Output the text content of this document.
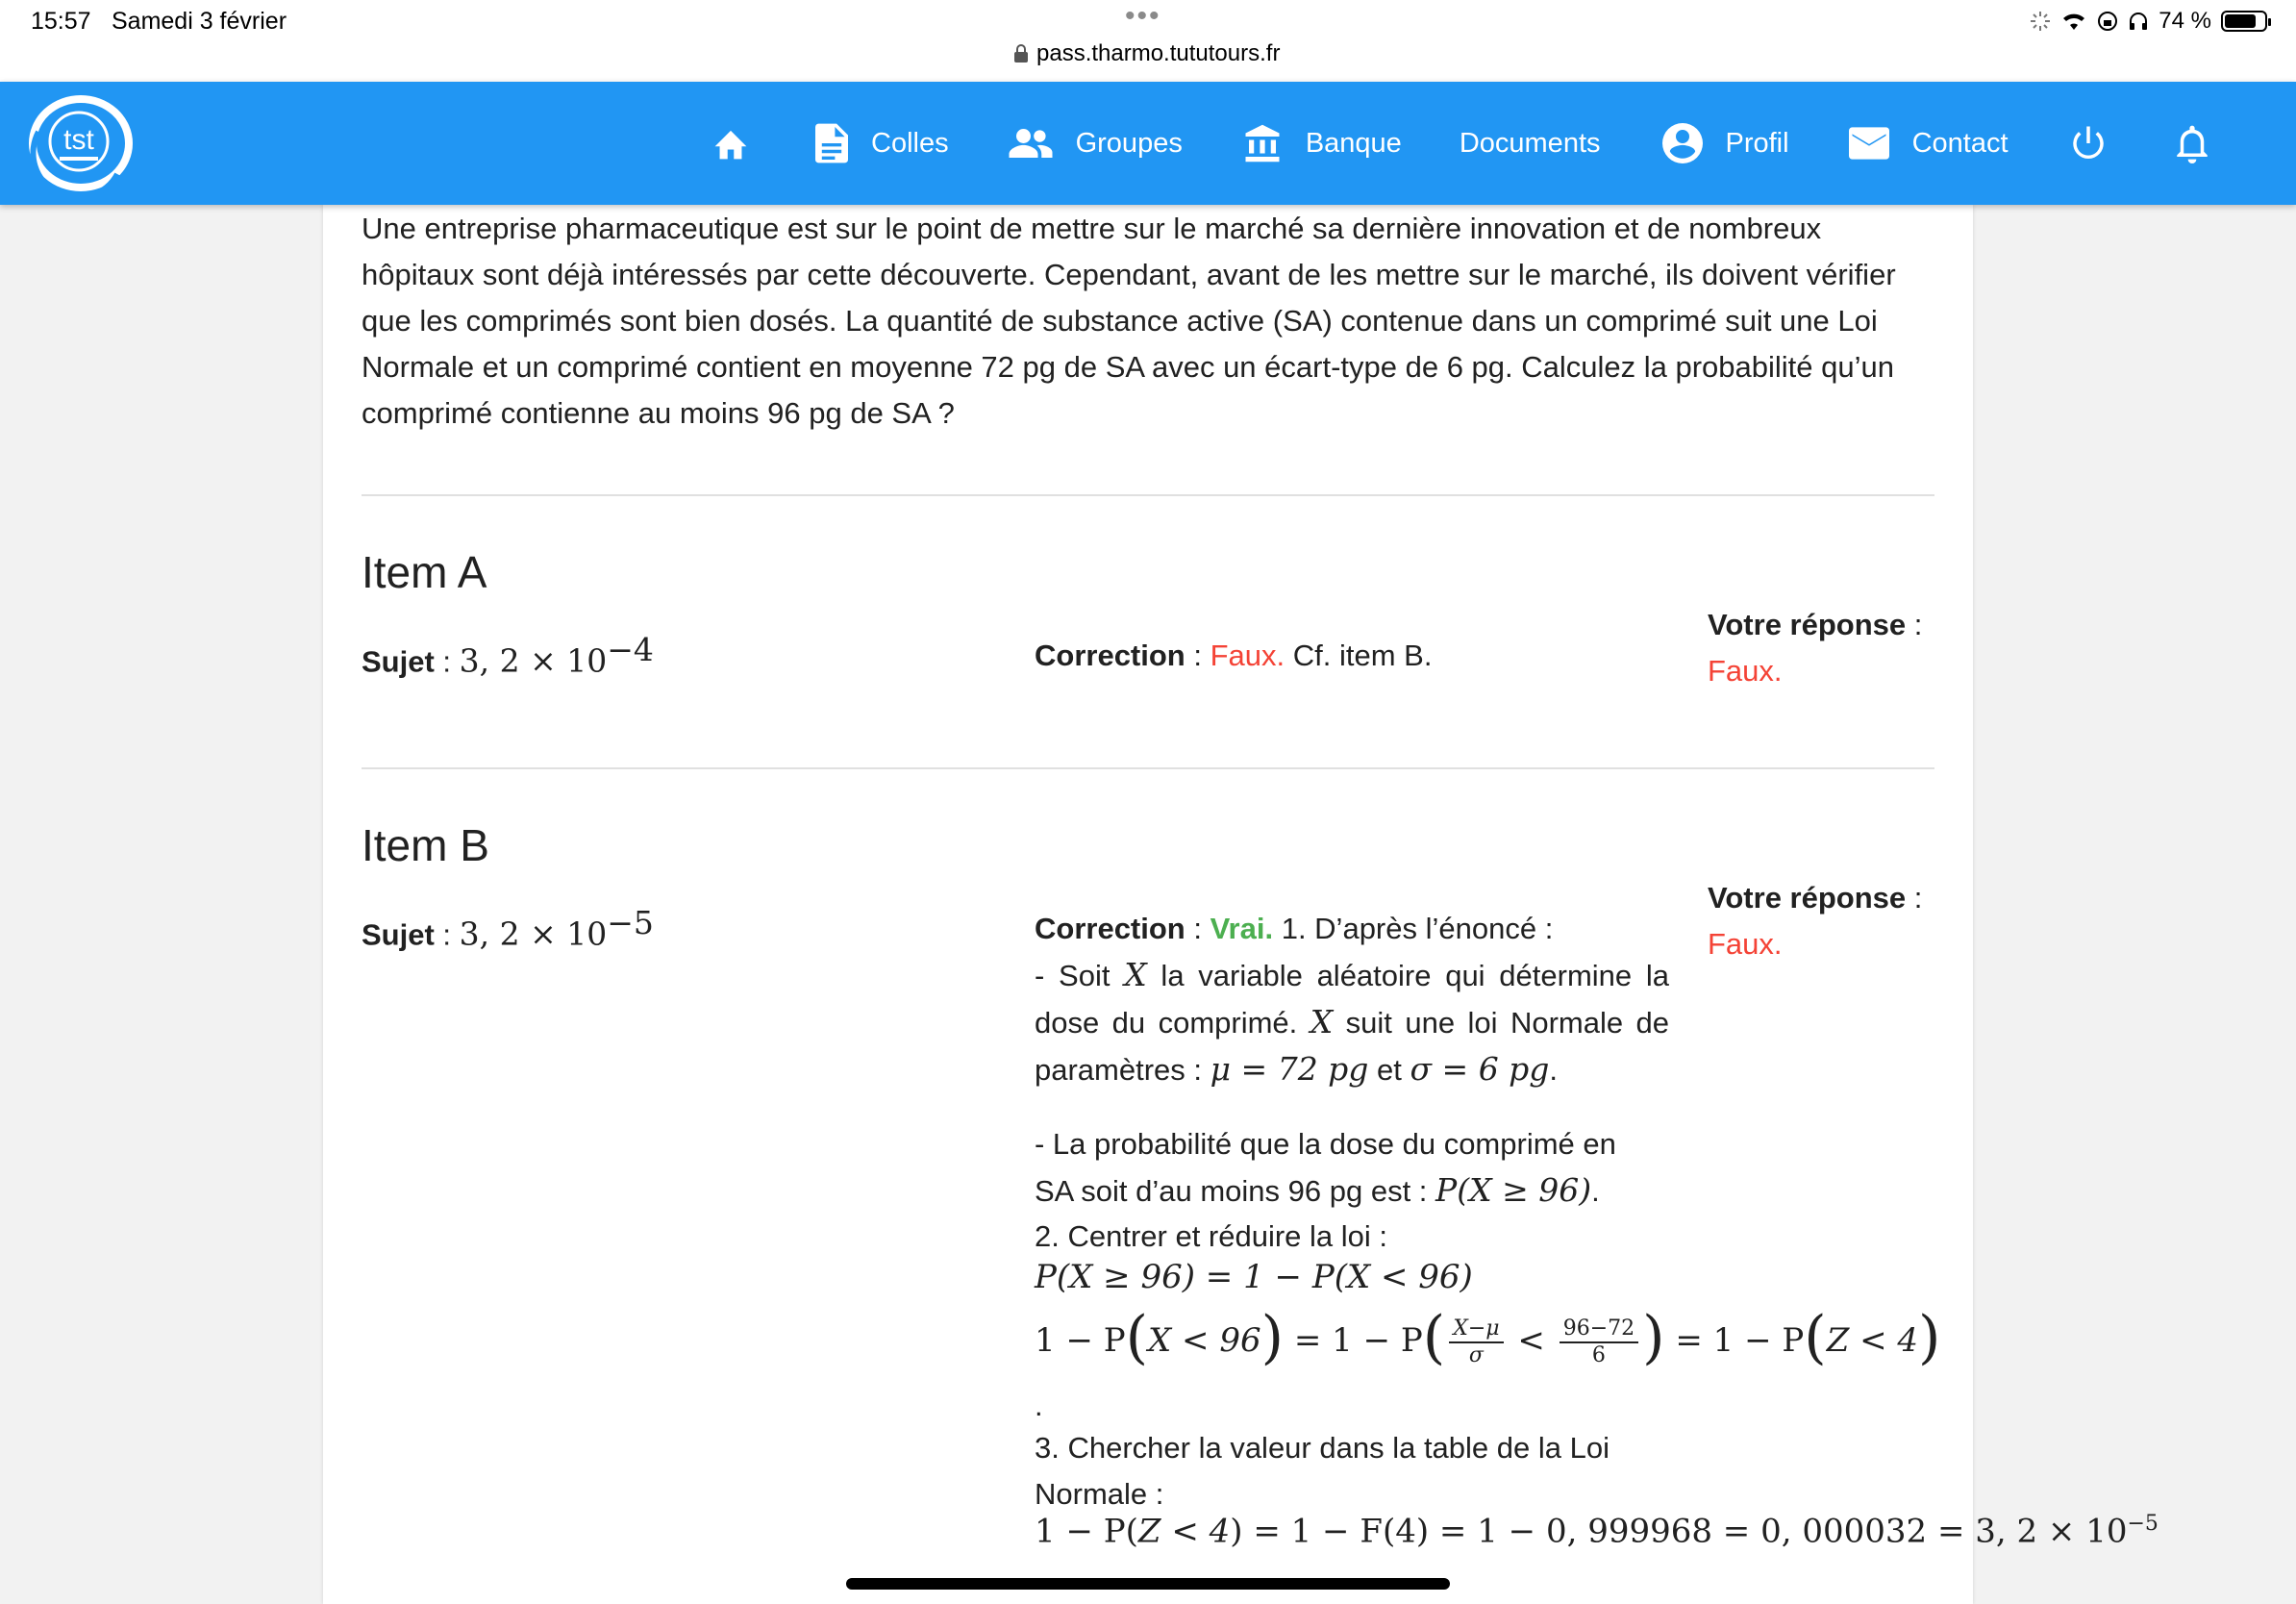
15:57 Samedi 3 février	•••
pass.tharmo.tututours.fr
74 %
tst	Colles	Groupes	Banque Documents	Profil	Contact
Une entreprise pharmaceutique est sur le point de mettre sur le marché sa dernière innovation et de nombreux hôpitaux sont déjà intéressés par cette découverte. Cependant, avant de les mettre sur le marché, ils doivent vérifier que les comprimés sont bien dosés. La quantité de substance active (SA) contenue dans un comprimé suit une Loi Normale et un comprimé contient en moyenne 72 pg de SA avec un écart-type de 6 pg. Calculez la probabilité qu’un comprimé contienne au moins 96 pg de SA ?
Item A
Sujet : 3, $2 \times 10^{-4}$	Correction : Faux. Cf. item B.
Votre réponse :
Faux.
Item B
Sujet : 3, $2 \times 10^{-5}$	Correction : Vrai. 1. D’après l’énoncé :
Votre réponse :
Faux.
- Soit X la variable aléatoire qui détermine la dose du comprimé. X suit une loi Normale de paramètres : μ = 72 pg et σ = 6 pg.
- La probabilité que la dose du comprimé en SA soit d’au moins 96 pg est : P(X ≥ 96).
2. Centrer et réduire la loi :
P(X ≥ 96) = 1 − P(X < 96)
$1 - P(X < 96) = 1 - P( \frac{X-\mu}{\sigma} < \frac{96-72}{6}$ ) = 1 − P(Z < 4)
.
3. Chercher la valeur dans la table de la Loi Normale :
1 − P(Z < 4) = 1 − F(4) = 1 − 0, 999968 = 0, 000032 = 3, $2 \times 10^{-5}$
